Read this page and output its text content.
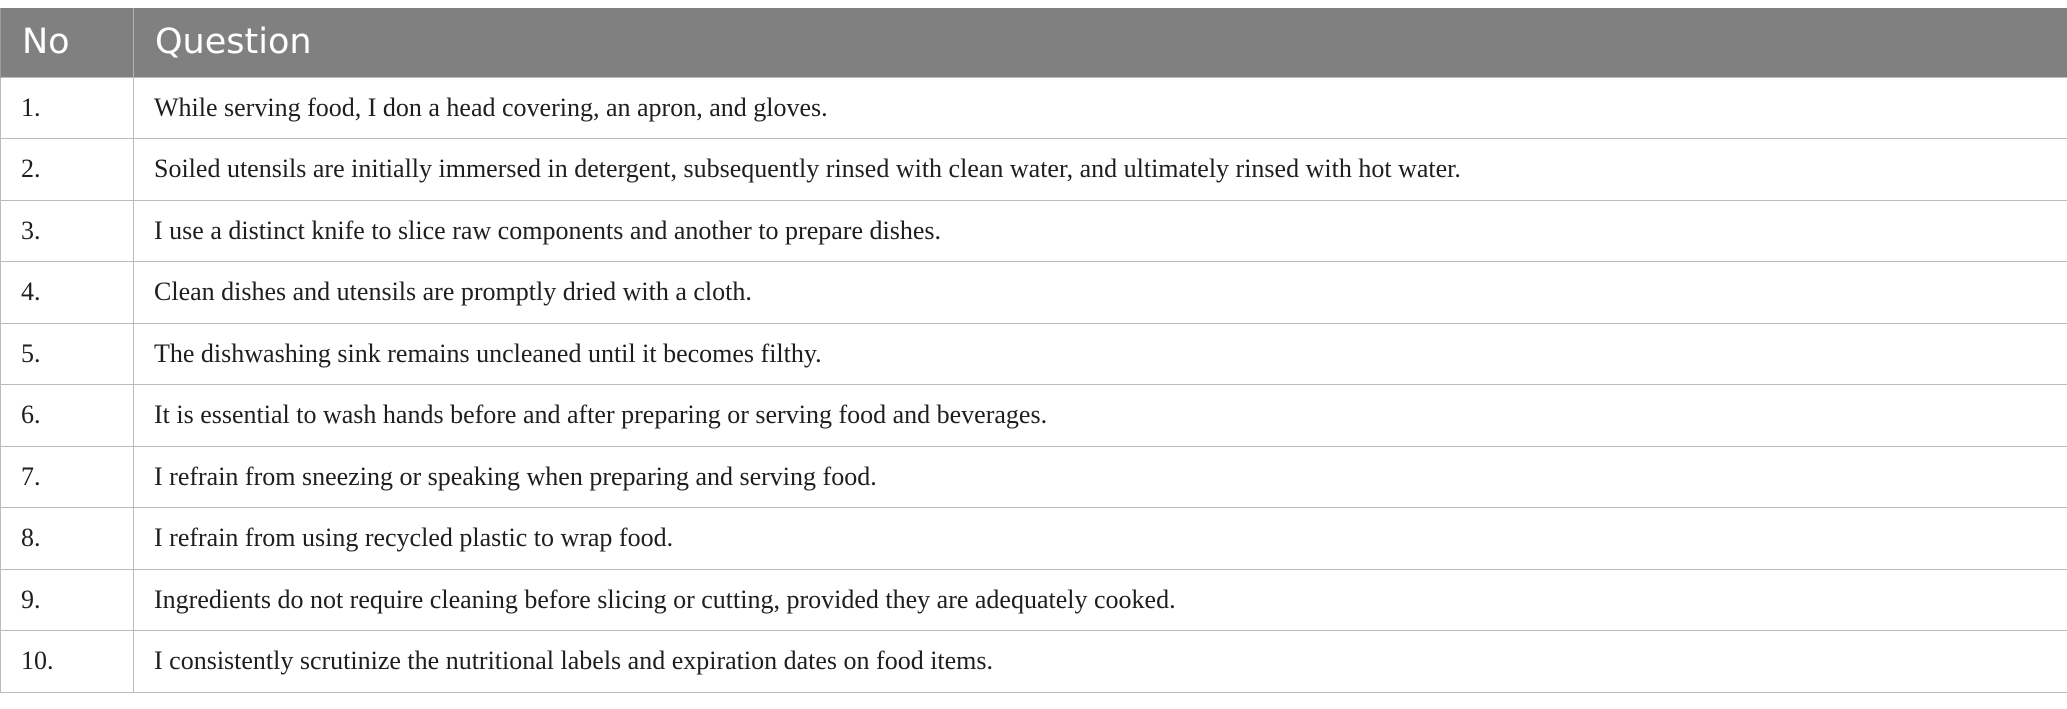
No	Question
1.	While serving food, I don a head covering, an apron, and gloves.
2.	Soiled utensils are initially immersed in detergent, subsequently rinsed with clean water, and ultimately rinsed with hot water.
3.	I use a distinct knife to slice raw components and another to prepare dishes.
4.	Clean dishes and utensils are promptly dried with a cloth.
5.	The dishwashing sink remains uncleaned until it becomes filthy.
6.	It is essential to wash hands before and after preparing or serving food and beverages.
7.	I refrain from sneezing or speaking when preparing and serving food.
8.	I refrain from using recycled plastic to wrap food.
9.	Ingredients do not require cleaning before slicing or cutting, provided they are adequately cooked.
10.	I consistently scrutinize the nutritional labels and expiration dates on food items.
